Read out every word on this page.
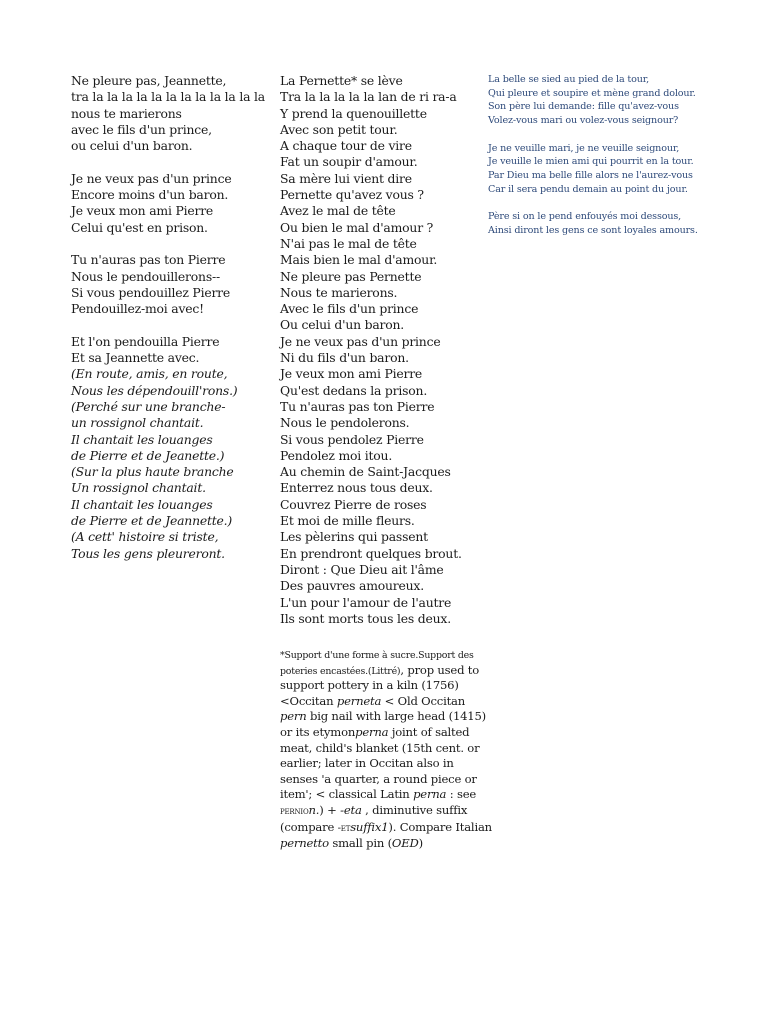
Ne pleure pas, Jeannette,
tra la la la la la la la la la la la la
nous te marierons
avec le fils d'un prince,
ou celui d'un baron.
Je ne veux pas d'un prince
Encore moins d'un baron.
Je veux mon ami Pierre
Celui qu'est en prison.
Tu n'auras pas ton Pierre
Nous le pendouillerons--
Si vous pendouillez Pierre
Pendouillez-moi avec!
Et l'on pendouilla Pierre
Et sa Jeannette avec.
(En route, amis, en route,
Nous les dépendouill'rons.)
(Perché sur une branche-
un rossignol chantait.
Il chantait les louanges
de Pierre et de Jeanette.)
(Sur la plus haute branche
Un rossignol chantait.
Il chantait les louanges
de Pierre et de Jeannette.)
(A cett' histoire si triste,
Tous les gens pleureront.
La Pernette* se lève
Tra la la la la la lan de ri ra-a
Y prend la quenouillette
Avec son petit tour.
A chaque tour de vire
Fat un soupir d'amour.
Sa mère lui vient dire
Pernette qu'avez vous ?
Avez le mal de tête
Ou bien le mal d'amour ?
N'ai pas le mal de tête
Mais bien le mal d'amour.
Ne pleure pas Pernette
Nous te marierons.
Avec le fils d'un prince
Ou celui d'un baron.
Je ne veux pas d'un prince
Ni du fils d'un baron.
Je veux mon ami Pierre
Qu'est dedans la prison.
Tu n'auras pas ton Pierre
Nous le pendolerons.
Si vous pendolez Pierre
Pendolez moi itou.
Au chemin de Saint-Jacques
Enterrez nous tous deux.
Couvrez Pierre de roses
Et moi de mille fleurs.
Les pèlerins qui passent
En prendront quelques brout.
Diront : Que Dieu ait l'âme
Des pauvres amoureux.
L'un pour l'amour de l'autre
Ils sont morts tous les deux.
La belle se sied au pied de la tour,
Qui pleure et soupire et mène grand dolour.
Son père lui demande: fille qu'avez-vous
Volez-vous mari ou volez-vous seignour?
Je ne veuille mari, je ne veuille seignour,
Je veuille le mien ami qui pourrit en la tour.
Par Dieu ma belle fille alors ne l'aurez-vous
Car il sera pendu demain au point du jour.
Père si on le pend enfouyés moi dessous,
Ainsi diront les gens ce sont loyales amours.
*Support d'une forme à sucre.Support des poteries encastées.(Littré), prop used to support pottery in a kiln (1756) <Occitan perneta < Old Occitan pern big nail with large head (1415) or its etymonperna joint of salted meat, child's blanket (15th cent. or earlier; later in Occitan also in senses 'a quarter, a round piece or item'; < classical Latin perna : see pernion.) + -eta , diminutive suffix (compare -etsuffix1). Compare Italian pernetto small pin (OED)
